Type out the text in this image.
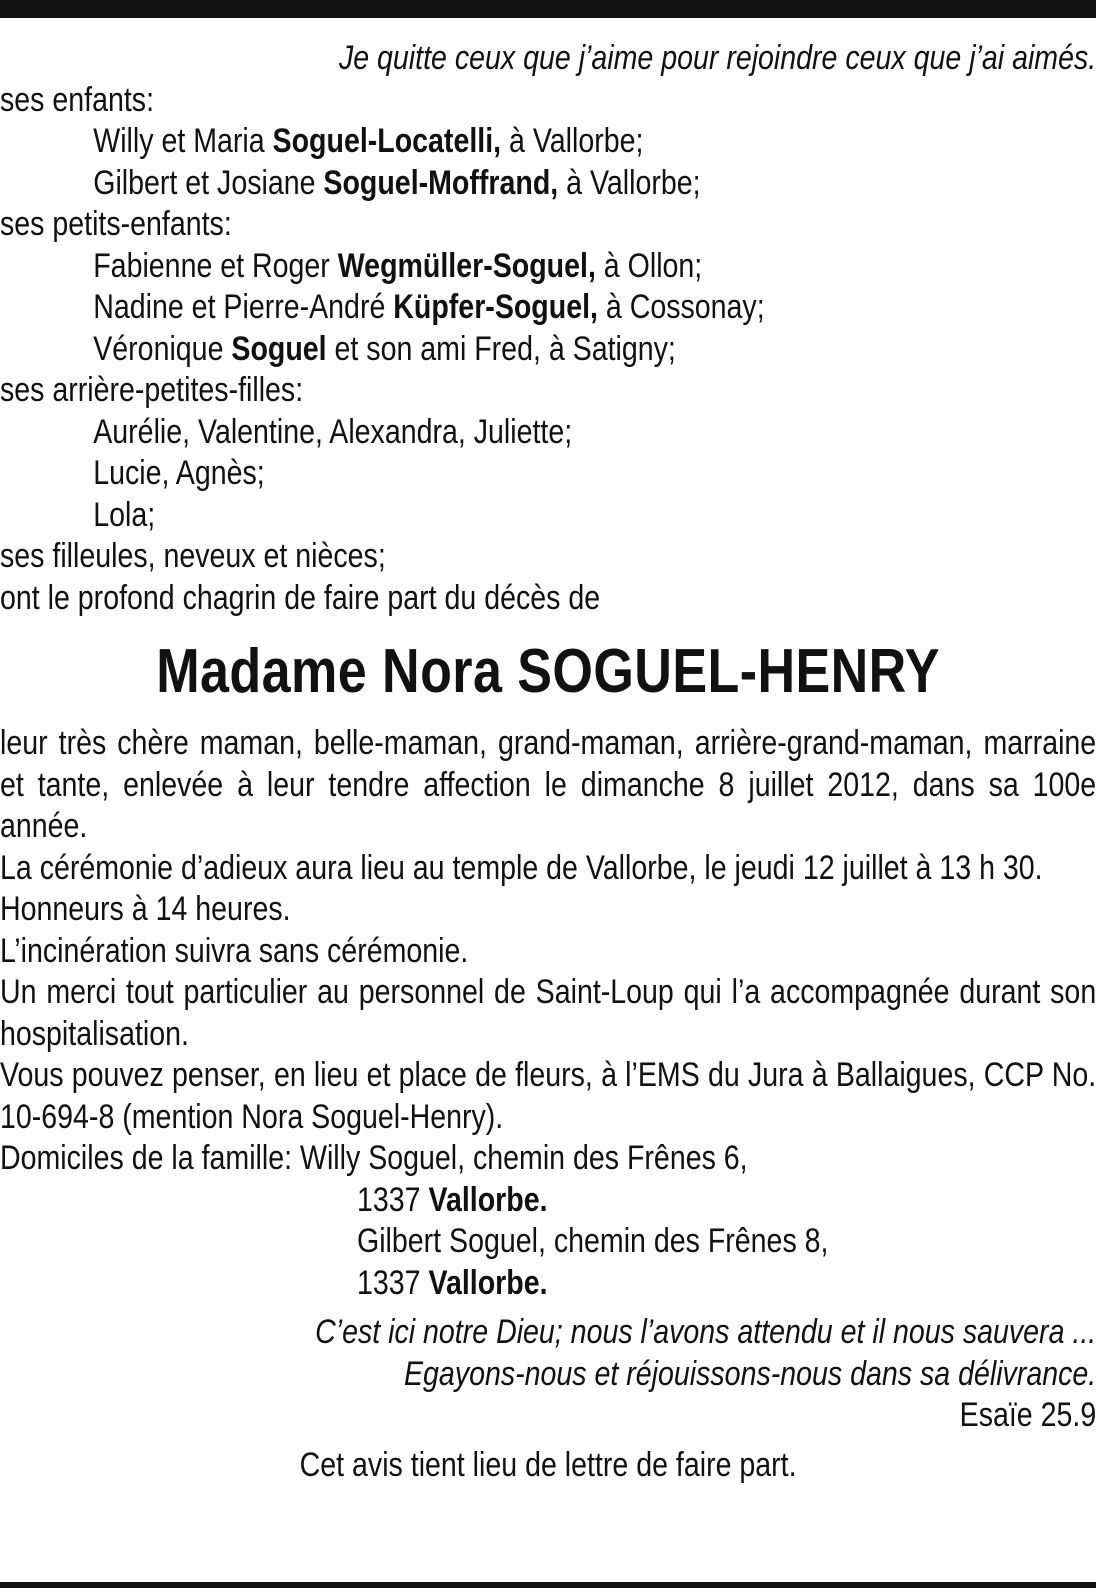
Je quitte ceux que j’aime pour rejoindre ceux que j’ai aimés.
ses enfants:
Willy et Maria Soguel-Locatelli, à Vallorbe;
Gilbert et Josiane Soguel-Moffrand, à Vallorbe;
ses petits-enfants:
Fabienne et Roger Wegmüller-Soguel, à Ollon;
Nadine et Pierre-André Küpfer-Soguel, à Cossonay;
Véronique Soguel et son ami Fred, à Satigny;
ses arrière-petites-filles:
Aurélie, Valentine, Alexandra, Juliette;
Lucie, Agnès;
Lola;
ses filleules, neveux et nièces;
ont le profond chagrin de faire part du décès de
Madame Nora SOGUEL-HENRY
leur très chère maman, belle-maman, grand-maman, arrière-grand-maman, marraine et tante, enlevée à leur tendre affection le dimanche 8 juillet 2012, dans sa 100e année.
La cérémonie d’adieux aura lieu au temple de Vallorbe, le jeudi 12 juillet à 13 h 30.
Honneurs à 14 heures.
L’incinération suivra sans cérémonie.
Un merci tout particulier au personnel de Saint-Loup qui l’a accompagnée durant son hospitalisation.
Vous pouvez penser, en lieu et place de fleurs, à l’EMS du Jura à Ballaigues, CCP No. 10-694-8 (mention Nora Soguel-Henry).
Domiciles de la famille: Willy Soguel, chemin des Frênes 6,
1337 Vallorbe.
Gilbert Soguel, chemin des Frênes 8,
1337 Vallorbe.
C’est ici notre Dieu; nous l’avons attendu et il nous sauvera ...
Egayons-nous et réjouissons-nous dans sa délivrance.
Esaïe 25.9
Cet avis tient lieu de lettre de faire part.
